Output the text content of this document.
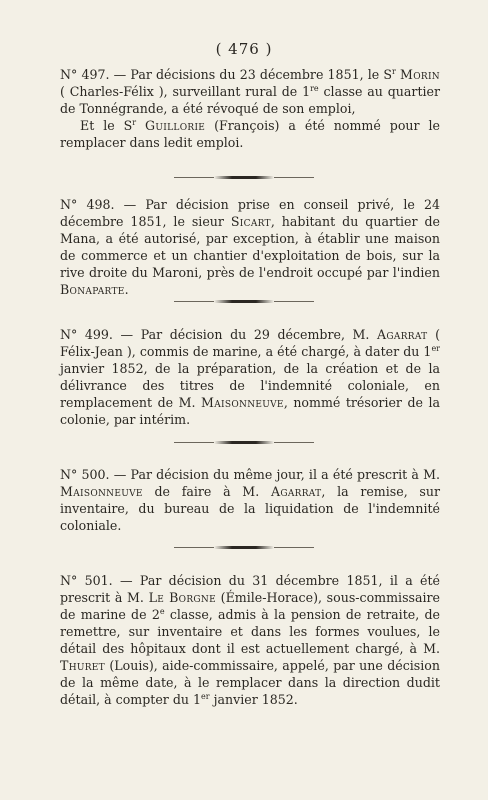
( 476 )

N° 497. — Par décisions du 23 décembre 1851, le $S^r$ Morin ( Charles-Félix ), surveillant rural de 1re classe au quartier de Tonnégrande, a été révoqué de son emploi,

Et le $S^r$ Guillorie (François) a été nommé pour le remplacer dans ledit emploi.

N° 498. — Par décision prise en conseil privé, le 24 décembre 1851, le sieur Sicart, habitant du quartier de Mana, a été autorisé, par exception, à établir une maison de commerce et un chantier d'exploitation de bois, sur la rive droite du Maroni, près de l'endroit occupé par l'indien Bonaparte.

N° 499. — Par décision du 29 décembre, M. Agarrat ( Félix-Jean ), commis de marine, a été chargé, à dater du 1er janvier 1852, de la préparation, de la création et de la délivrance des titres de l'indemnité coloniale, en remplacement de M. Maisonneuve, nommé trésorier de la colonie, par intérim.

N° 500. — Par décision du même jour, il a été prescrit à M. Maisonneuve de faire à M. Agarrat, la remise, sur inventaire, du bureau de la liquidation de l'indemnité coloniale.

N° 501. — Par décision du 31 décembre 1851, il a été prescrit à M. Le Borgne (Émile-Horace), sous-commissaire de marine de 2e classe, admis à la pension de retraite, de remettre, sur inventaire et dans les formes voulues, le détail des hôpitaux dont il est actuellement chargé, à M. Thuret (Louis), aide-commissaire, appelé, par une décision de la même date, à le remplacer dans la direction dudit détail, à compter du 1er janvier 1852.
